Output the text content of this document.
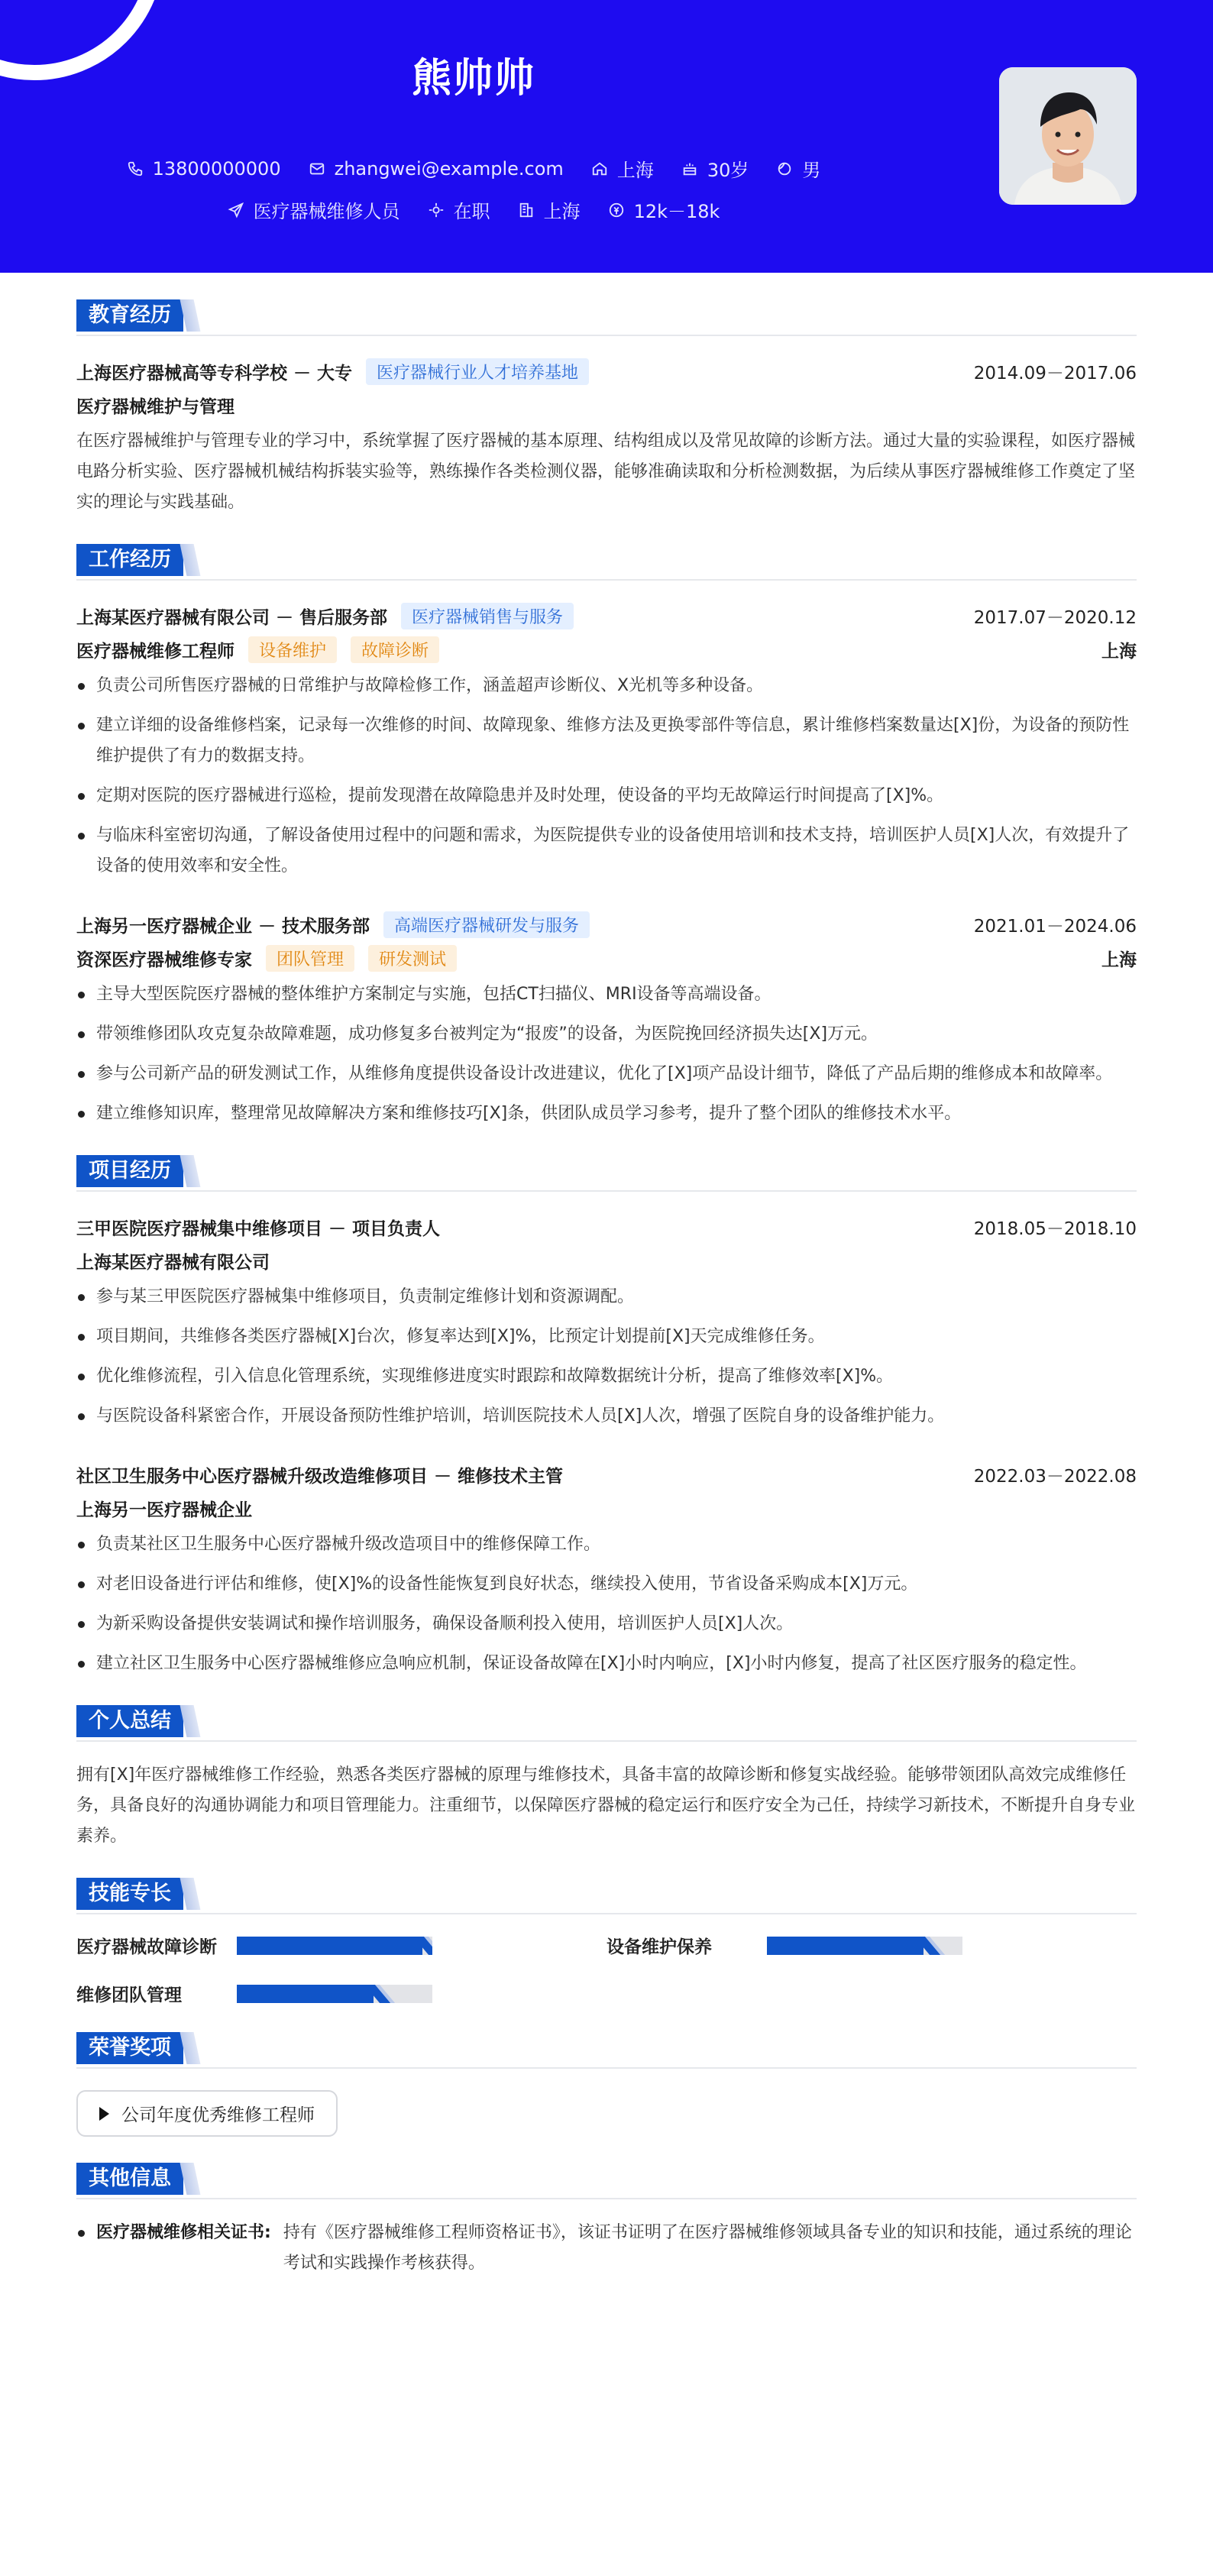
熊帅帅
13800000000	zhangwei@example.com	上海	30岁	男
医疗器械维修人员	在职	上海	12k－18k
教育经历
上海医疗器械高等专科学校 － 大专	医疗器械行业人才培养基地	2014.09－2017.06
医疗器械维护与管理
在医疗器械维护与管理专业的学习中，系统掌握了医疗器械的基本原理、结构组成以及常见故障的诊断方法。通过大量的实验课程，如医疗器械电路分析实验、医疗器械机械结构拆装实验等，熟练操作各类检测仪器，能够准确读取和分析检测数据，为后续从事医疗器械维修工作奠定了坚实的理论与实践基础。
工作经历
上海某医疗器械有限公司 － 售后服务部	医疗器械销售与服务	2017.07－2020.12
医疗器械维修工程师	设备维护	故障诊断	上海
负责公司所售医疗器械的日常维护与故障检修工作，涵盖超声诊断仪、X光机等多种设备。
建立详细的设备维修档案，记录每一次维修的时间、故障现象、维修方法及更换零部件等信息，累计维修档案数量达[X]份，为设备的预防性维护提供了有力的数据支持。
定期对医院的医疗器械进行巡检，提前发现潜在故障隐患并及时处理，使设备的平均无故障运行时间提高了[X]%。
与临床科室密切沟通，了解设备使用过程中的问题和需求，为医院提供专业的设备使用培训和技术支持，培训医护人员[X]人次，有效提升了设备的使用效率和安全性。
上海另一医疗器械企业 － 技术服务部	高端医疗器械研发与服务	2021.01－2024.06
资深医疗器械维修专家	团队管理	研发测试	上海
主导大型医院医疗器械的整体维护方案制定与实施，包括CT扫描仪、MRI设备等高端设备。
带领维修团队攻克复杂故障难题，成功修复多台被判定为“报废”的设备，为医院挽回经济损失达[X]万元。
参与公司新产品的研发测试工作，从维修角度提供设备设计改进建议，优化了[X]项产品设计细节，降低了产品后期的维修成本和故障率。
建立维修知识库，整理常见故障解决方案和维修技巧[X]条，供团队成员学习参考，提升了整个团队的维修技术水平。
项目经历
三甲医院医疗器械集中维修项目 － 项目负责人	2018.05－2018.10
上海某医疗器械有限公司
参与某三甲医院医疗器械集中维修项目，负责制定维修计划和资源调配。
项目期间，共维修各类医疗器械[X]台次，修复率达到[X]%，比预定计划提前[X]天完成维修任务。
优化维修流程，引入信息化管理系统，实现维修进度实时跟踪和故障数据统计分析，提高了维修效率[X]%。
与医院设备科紧密合作，开展设备预防性维护培训，培训医院技术人员[X]人次，增强了医院自身的设备维护能力。
社区卫生服务中心医疗器械升级改造维修项目 － 维修技术主管	2022.03－2022.08
上海另一医疗器械企业
负责某社区卫生服务中心医疗器械升级改造项目中的维修保障工作。
对老旧设备进行评估和维修，使[X]%的设备性能恢复到良好状态，继续投入使用，节省设备采购成本[X]万元。
为新采购设备提供安装调试和操作培训服务，确保设备顺利投入使用，培训医护人员[X]人次。
建立社区卫生服务中心医疗器械维修应急响应机制，保证设备故障在[X]小时内响应，[X]小时内修复，提高了社区医疗服务的稳定性。
个人总结
拥有[X]年医疗器械维修工作经验，熟悉各类医疗器械的原理与维修技术，具备丰富的故障诊断和修复实战经验。能够带领团队高效完成维修任务，具备良好的沟通协调能力和项目管理能力。注重细节，以保障医疗器械的稳定运行和医疗安全为己任，持续学习新技术，不断提升自身专业素养。
技能专长
医疗器械故障诊断	设备维护保养
维修团队管理
荣誉奖项
公司年度优秀维修工程师
其他信息
医疗器械维修相关证书: 持有《医疗器械维修工程师资格证书》，该证书证明了在医疗器械维修领域具备专业的知识和技能，通过系统的理论考试和实践操作考核获得。
